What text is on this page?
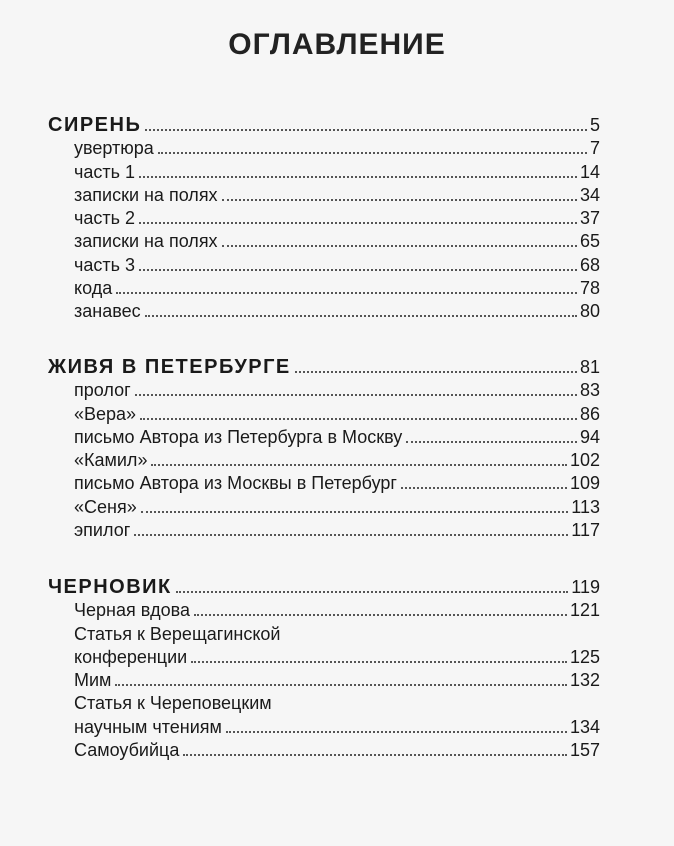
ОГЛАВЛЕНИЕ
СИРЕНЬ	5
увертюра	7
часть 1	14
записки на полях	34
часть 2	37
записки на полях	65
часть 3	68
кода	78
занавес	80
ЖИВЯ В ПЕТЕРБУРГЕ	81
пролог	83
«Вера»	86
письмо Автора из Петербурга в Москву	94
«Камил»	102
письмо Автора из Москвы в Петербург	109
«Сеня»	113
эпилог	117
ЧЕРНОВИК	119
Черная вдова	121
Статья к Верещагинской
конференции	125
Мим	132
Статья к Череповецким
научным чтениям	134
Самоубийца	157
